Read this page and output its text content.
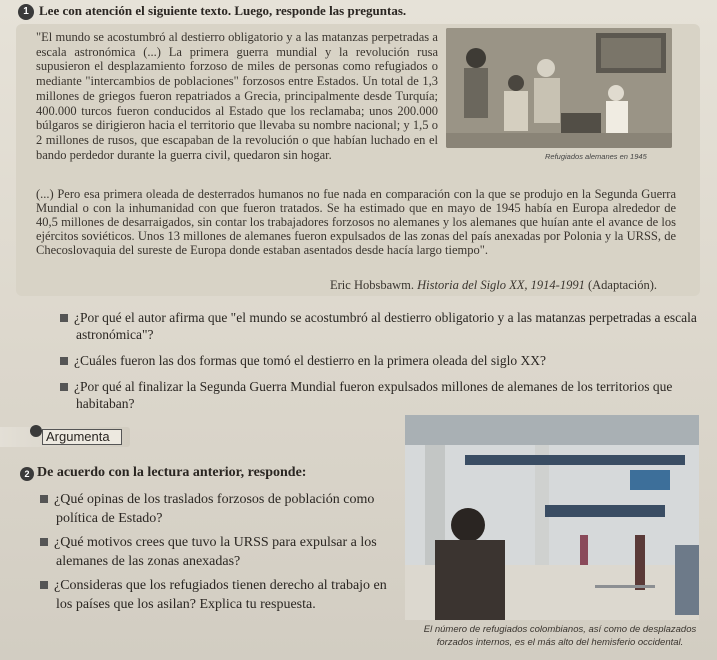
1 Lee con atención el siguiente texto. Luego, responde las preguntas.

"El mundo se acostumbró al destierro obligatorio y a las matanzas perpetradas a escala astronómica (...) La primera guerra mundial y la revolución rusa supusieron el desplazamiento forzoso de miles de personas como refugiados o mediante "intercambios de poblaciones" forzosos entre Estados. Un total de 1,3 millones de griegos fueron repatriados a Grecia, principalmente desde Turquía; 400.000 turcos fueron conducidos al Estado que los reclamaba; unos 200.000 búlgaros se dirigieron hacia el territorio que llevaba su nombre nacional; y 1,5 o 2 millones de rusos, que escapaban de la revolución o que habían luchado en el bando perdedor durante la guerra civil, quedaron sin hogar.	Refugiados alemanes en 1945

(...) Pero esa primera oleada de desterrados humanos no fue nada en comparación con la que se produjo en la Segunda Guerra Mundial o con la inhumanidad con que fueron tratados. Se ha estimado que en mayo de 1945 había en Europa alrededor de 40,5 millones de desarraigados, sin contar los trabajadores forzosos no alemanes y los alemanes que huían ante el avance de los ejércitos soviéticos. Unos 13 millones de alemanes fueron expulsados de las zonas del país anexadas por Polonia y la URSS, de Checoslovaquia del sureste de Europa donde estaban asentados desde hacía largo tiempo".

Eric Hobsbawm. Historia del Siglo XX, 1914-1991 (Adaptación).
¿Por qué el autor afirma que "el mundo se acostumbró al destierro obligatorio y a las matanzas perpetradas a escala astronómica"?
¿Cuáles fueron las dos formas que tomó el destierro en la primera oleada del siglo XX?
¿Por qué al finalizar la Segunda Guerra Mundial fueron expulsados millones de alemanes de los territorios que habitaban?
Argumenta
2 De acuerdo con la lectura anterior, responde:
¿Qué opinas de los traslados forzosos de población como política de Estado?
¿Qué motivos crees que tuvo la URSS para expulsar a los alemanes de las zonas anexadas?
¿Consideras que los refugiados tienen derecho al trabajo en los países que los asilan? Explica tu respuesta.
El número de refugiados colombianos, así como de desplazados forzados internos, es el más alto del hemisferio occidental.
